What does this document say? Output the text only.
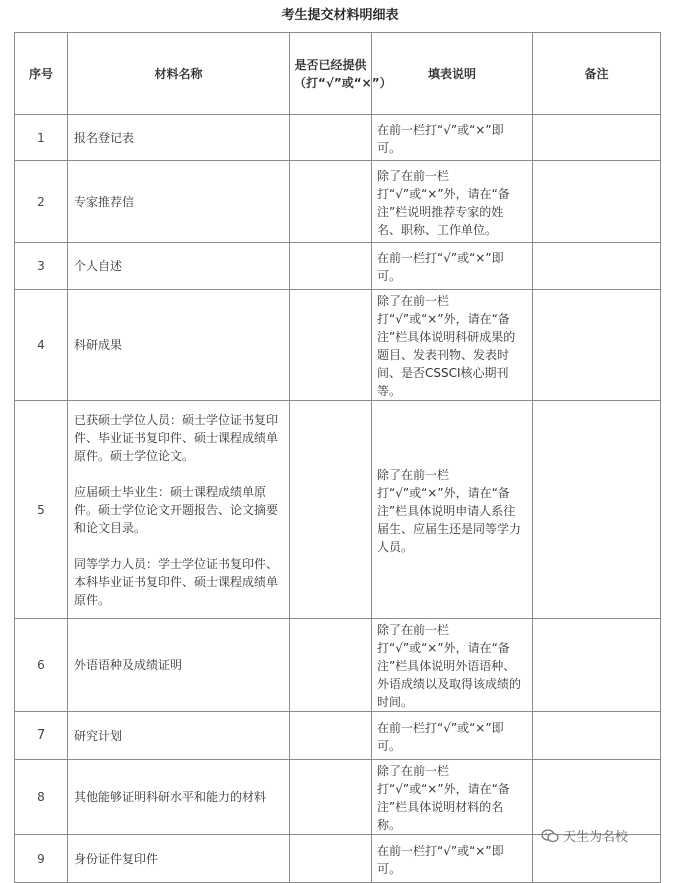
考生提交材料明细表
序号	材料名称	是否已经提供（打“√”或“×”）	填表说明	备注

1	报名登记表		在前一栏打“√”或“×”即可。	
2	专家推荐信		除了在前一栏打“√”或“×”外，请在“备注”栏说明推荐专家的姓名、职称、工作单位。	
3	个人自述		在前一栏打“√”或“×”即可。	
4	科研成果		除了在前一栏打“√”或“×”外，请在“备注”栏具体说明科研成果的题目、发表刊物、发表时间、是否CSSCI核心期刊等。	
5	已获硕士学位人员：硕士学位证书复印件、毕业证书复印件、硕士课程成绩单原件。硕士学位论文。
应届硕士毕业生：硕士课程成绩单原件。硕士学位论文开题报告、论文摘要和论文目录。
同等学力人员：学士学位证书复印件、本科毕业证书复印件、硕士课程成绩单原件。		除了在前一栏打“√”或“×”外，请在“备注”栏具体说明申请人系往届生、应届生还是同等学力人员。	
6	外语语种及成绩证明		除了在前一栏打“√”或“×”外，请在“备注”栏具体说明外语语种、外语成绩以及取得该成绩的时间。	
7	研究计划		在前一栏打“√”或“×”即可。	
8	其他能够证明科研水平和能力的材料		除了在前一栏打“√”或“×”外，请在“备注”栏具体说明材料的名称。	
9	身份证件复印件		在前一栏打“√”或“×”即可。	
天生为名校
